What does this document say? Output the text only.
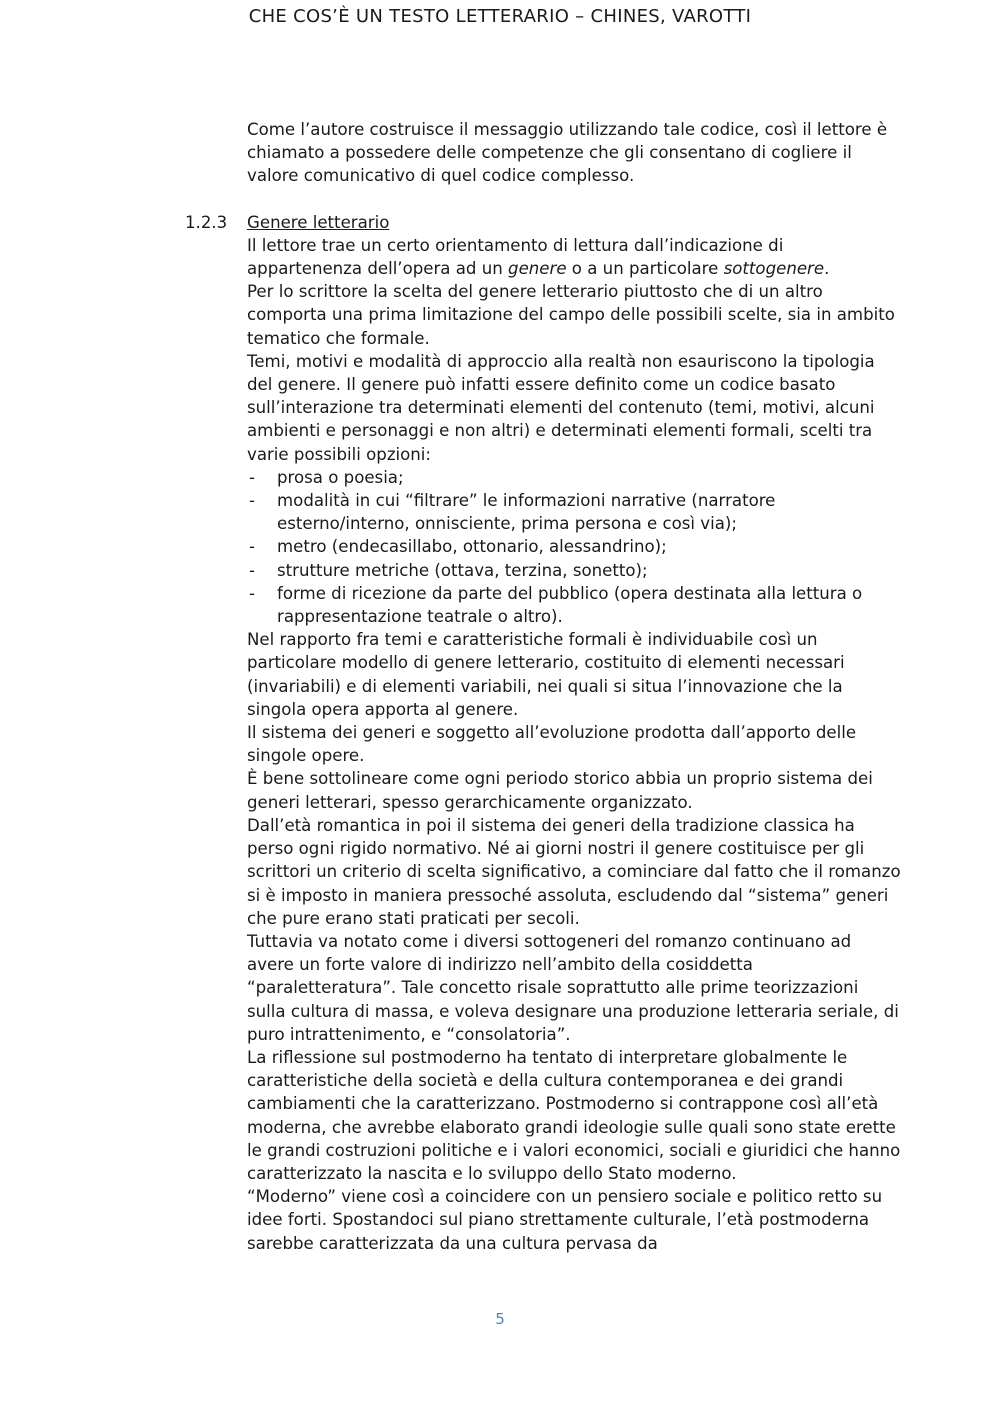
CHE COS’È UN TESTO LETTERARIO – CHINES, VAROTTI

Come l’autore costruisce il messaggio utilizzando tale codice, così il lettore è chiamato a possedere delle competenze che gli consentano di cogliere il valore comunicativo di quel codice complesso.

1.2.3 Genere letterario

Il lettore trae un certo orientamento di lettura dall’indicazione di appartenenza dell’opera ad un genere o a un particolare sottogenere.

Per lo scrittore la scelta del genere letterario piuttosto che di un altro comporta una prima limitazione del campo delle possibili scelte, sia in ambito tematico che formale.

Temi, motivi e modalità di approccio alla realtà non esauriscono la tipologia del genere. Il genere può infatti essere definito come un codice basato sull’interazione tra determinati elementi del contenuto (temi, motivi, alcuni ambienti e personaggi e non altri) e determinati elementi formali, scelti tra varie possibili opzioni:

- prosa o poesia;
- modalità in cui “filtrare” le informazioni narrative (narratore esterno/interno, onnisciente, prima persona e così via);
- metro (endecasillabo, ottonario, alessandrino);
- strutture metriche (ottava, terzina, sonetto);
- forme di ricezione da parte del pubblico (opera destinata alla lettura o rappresentazione teatrale o altro).

Nel rapporto fra temi e caratteristiche formali è individuabile così un particolare modello di genere letterario, costituito di elementi necessari (invariabili) e di elementi variabili, nei quali si situa l’innovazione che la singola opera apporta al genere.

Il sistema dei generi e soggetto all’evoluzione prodotta dall’apporto delle singole opere.

È bene sottolineare come ogni periodo storico abbia un proprio sistema dei generi letterari, spesso gerarchicamente organizzato.

Dall’età romantica in poi il sistema dei generi della tradizione classica ha perso ogni rigido normativo. Né ai giorni nostri il genere costituisce per gli scrittori un criterio di scelta significativo, a cominciare dal fatto che il romanzo si è imposto in maniera pressoché assoluta, escludendo dal “sistema” generi che pure erano stati praticati per secoli.

Tuttavia va notato come i diversi sottogeneri del romanzo continuano ad avere un forte valore di indirizzo nell’ambito della cosiddetta “paraletteratura”. Tale concetto risale soprattutto alle prime teorizzazioni sulla cultura di massa, e voleva designare una produzione letteraria seriale, di puro intrattenimento, e “consolatoria”.

La riflessione sul postmoderno ha tentato di interpretare globalmente le caratteristiche della società e della cultura contemporanea e dei grandi cambiamenti che la caratterizzano. Postmoderno si contrappone così all’età moderna, che avrebbe elaborato grandi ideologie sulle quali sono state erette le grandi costruzioni politiche e i valori economici, sociali e giuridici che hanno caratterizzato la nascita e lo sviluppo dello Stato moderno.

“Moderno” viene così a coincidere con un pensiero sociale e politico retto su idee forti. Spostandoci sul piano strettamente culturale, l’età postmoderna sarebbe caratterizzata da una cultura pervasa da

5
